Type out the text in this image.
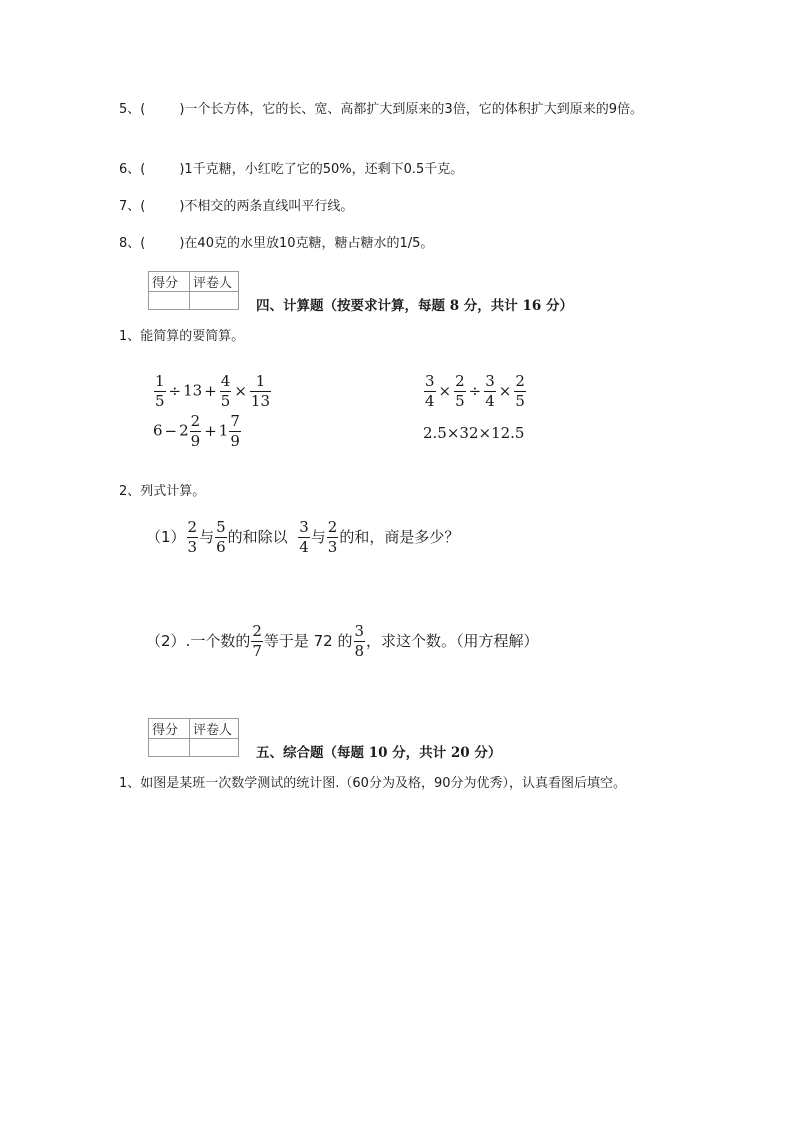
5、(	)一个长方体，它的长、宽、高都扩大到原来的3倍，它的体积扩大到原来的9倍。
6、(	)1千克糖，小红吃了它的50%，还剩下0.5千克。
7、(	)不相交的两条直线叫平行线。
8、(	)在40克的水里放10克糖，糖占糖水的1/5。
得分	评卷人

四、计算题（按要求计算，每题 8 分，共计 16 分）
1、能简算的要简算。
$\frac{1}{5} \div 13 + \frac{4}{5} \times \frac{1}{13}$	$\frac{3}{4} \times \frac{2}{5} \div \frac{3}{4} \times \frac{2}{5}$
$6 - 2 \frac{2}{9} + 1 \frac{7}{9}$	2.5×32×12.5
2、列式计算。
$(1) \frac{2}{3}$ 与 $\frac{5}{6}$ 的和除以 $\frac{3}{4}$ 与 $\frac{2}{3}$ 的和，商是多少？
（2）.一个数的 $\frac{2}{7}$ 等于是 72 的 $\frac{3}{8}$ ，求这个数。（用方程解）
得分	评卷人

五、综合题（每题 10 分，共计 20 分）
1、如图是某班一次数学测试的统计图.（60分为及格，90分为优秀），认真看图后填空。
